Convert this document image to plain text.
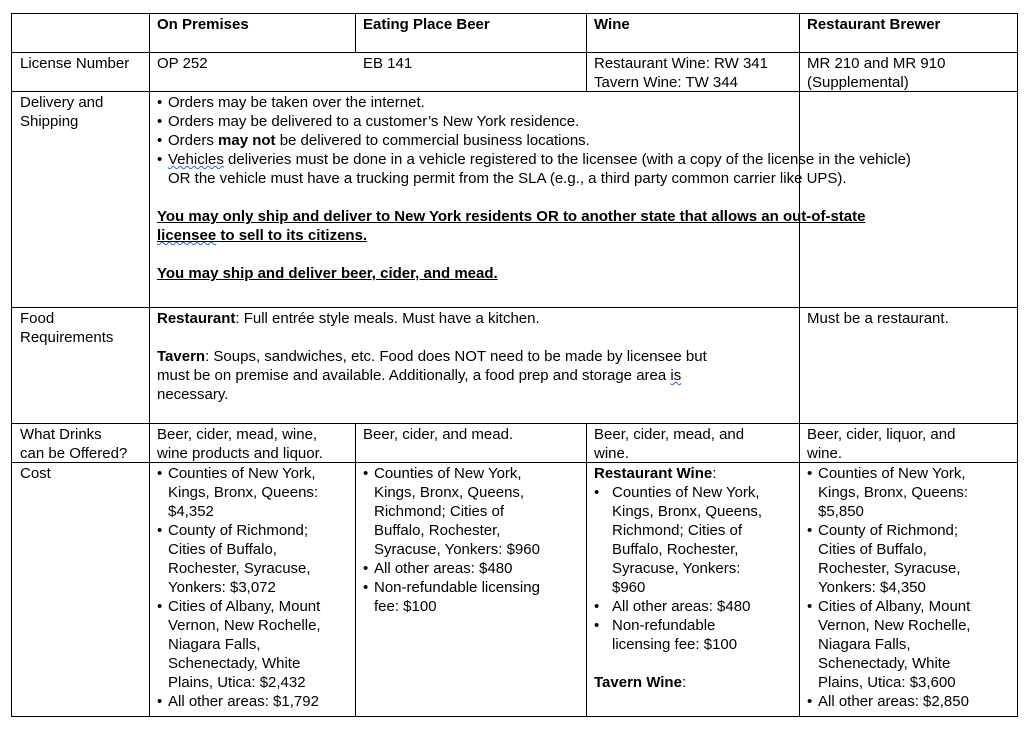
On Premises	Eating Place Beer	Wine	Restaurant Brewer
License Number OP 252	EB 141	Restaurant Wine: RW 341
Tavern Wine: TW 344
MR 210 and MR 910
(Supplemental)
Delivery and
Shipping
• Orders may be taken over the internet.
• Orders may be delivered to a customer’s New York residence.
• Orders may not be delivered to commercial business locations.
• Vehicles deliveries must be done in a vehicle registered to the licensee (with a copy of the license in the vehicle)
OR the vehicle must have a trucking permit from the SLA (e.g., a third party common carrier like UPS).
You may only ship and deliver to New York residents OR to another state that allows an out-of-state
licensee to sell to its citizens.
You may ship and deliver beer, cider, and mead.
Food
Requirements
Restaurant: Full entrée style meals. Must have a kitchen.
Tavern: Soups, sandwiches, etc. Food does NOT need to be made by licensee but
must be on premise and available. Additionally, a food prep and storage area is
necessary.
Must be a restaurant.
What Drinks
can be Offered?
Beer, cider, mead, wine,
wine products and liquor.
Beer, cider, and mead.	Beer, cider, mead, and
wine.
Beer, cider, liquor, and
wine.
Cost
•	Counties of New York,
Kings, Bronx, Queens:
$4,352
• County of Richmond;
Cities of Buffalo,
Rochester, Syracuse,
Yonkers: $3,072
• Cities of Albany, Mount
Vernon, New Rochelle,
Niagara Falls,
Schenectady, White
Plains, Utica: $2,432
• All other areas: $1,792
• Counties of New York,
Kings, Bronx, Queens,
Richmond; Cities of
Buffalo, Rochester,
Syracuse, Yonkers: $960
• All other areas: $480
• Non-refundable licensing
fee: $100
Restaurant Wine:
• Counties of New York,
Kings, Bronx, Queens,
Richmond; Cities of
Buffalo, Rochester,
Syracuse, Yonkers:
$960
• All other areas: $480
• Non-refundable
licensing fee: $100
Tavern Wine:
• Counties of New York,
Kings, Bronx, Queens:
$5,850
• County of Richmond;
Cities of Buffalo,
Rochester, Syracuse,
Yonkers: $4,350
• Cities of Albany, Mount
Vernon, New Rochelle,
Niagara Falls,
Schenectady, White
Plains, Utica: $3,600
• All other areas: $2,850
